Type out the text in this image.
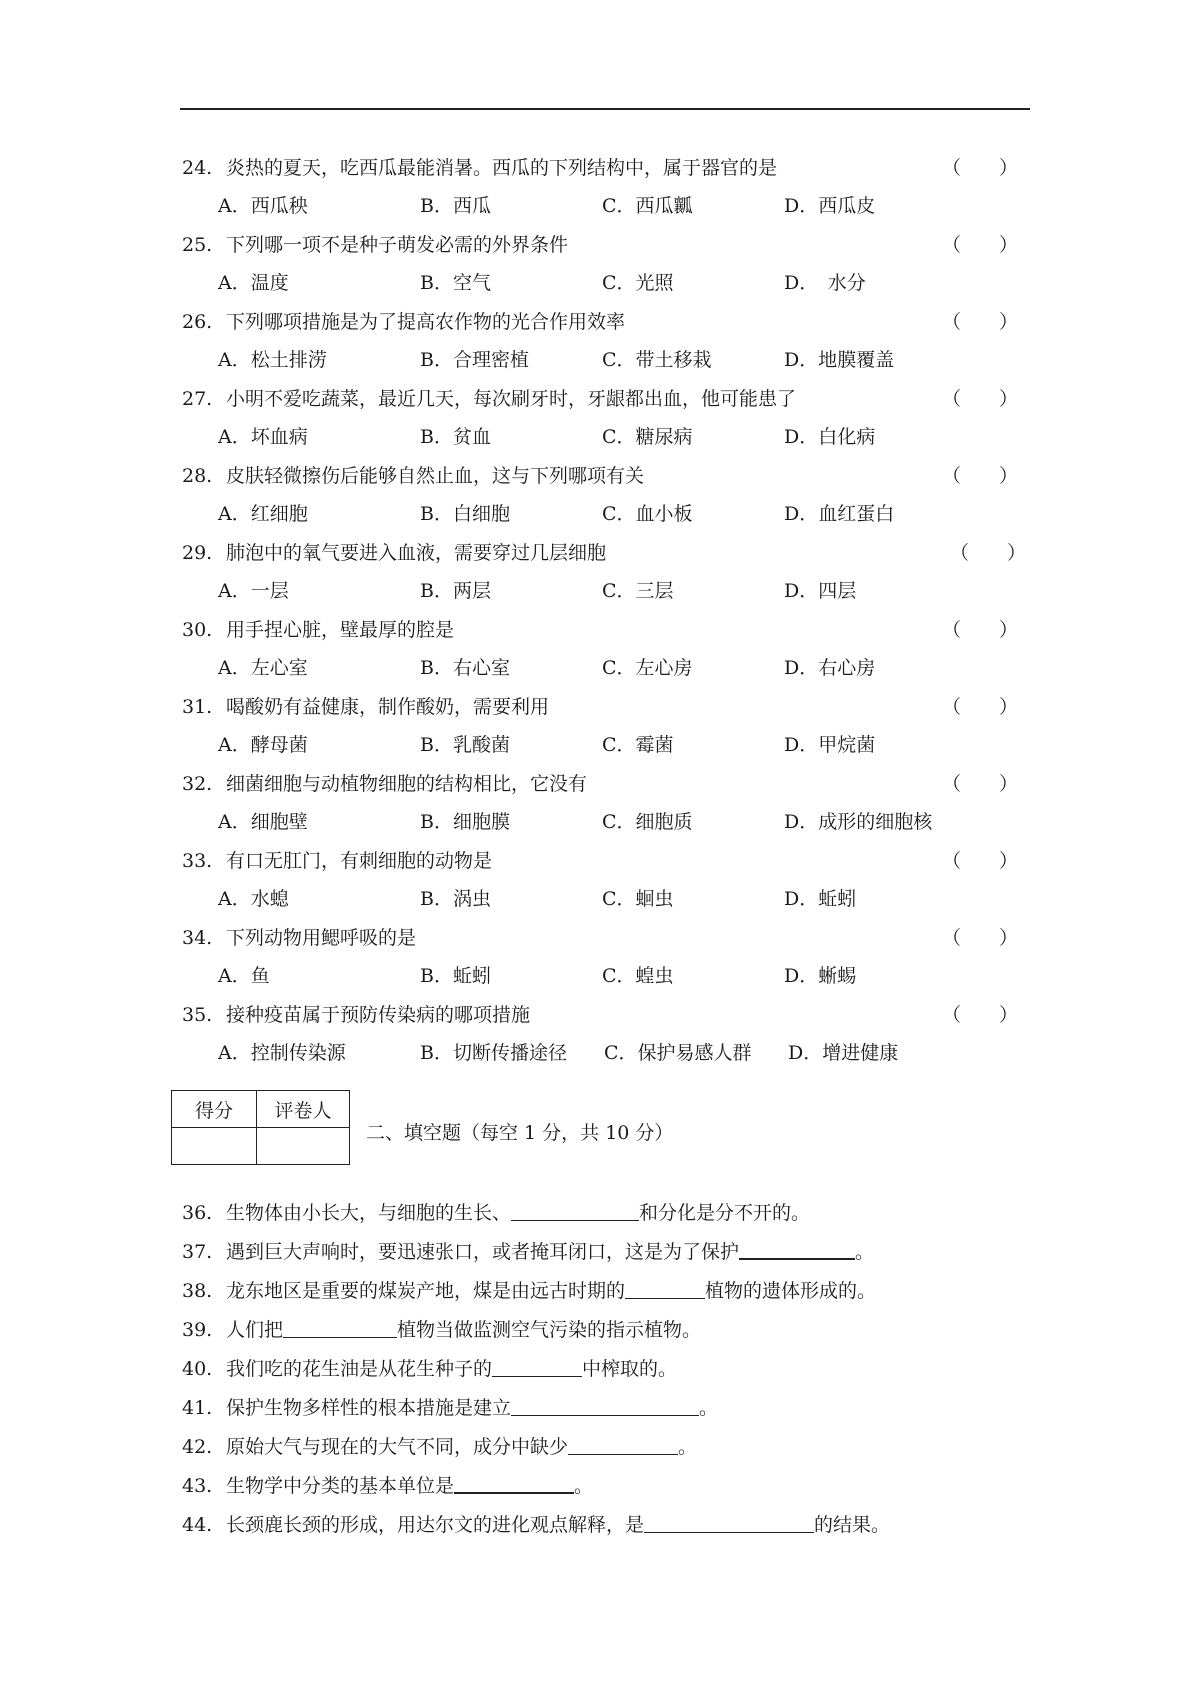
24. 炎热的夏天，吃西瓜最能消暑。西瓜的下列结构中，属于器官的是	（　　）
A．西瓜秧	B．西瓜	C．西瓜瓤	D．西瓜皮
25. 下列哪一项不是种子萌发必需的外界条件	（　　）
A．温度	B．空气	C．光照	D．　水分
26. 下列哪项措施是为了提高农作物的光合作用效率	（　　）
A．松土排涝	B．合理密植	C．带土移栽	D．地膜覆盖
27. 小明不爱吃蔬菜，最近几天，每次刷牙时，牙龈都出血，他可能患了	（　　）
A．坏血病	B．贫血	C．糖尿病	D．白化病
28. 皮肤轻微擦伤后能够自然止血，这与下列哪项有关	（　　）
A．红细胞	B．白细胞	C．血小板	D．血红蛋白
29. 肺泡中的氧气要进入血液，需要穿过几层细胞	（　　）
A．一层	B．两层	C．三层	D．四层
30. 用手捏心脏，壁最厚的腔是	（　　）
A．左心室	B．右心室	C．左心房	D．右心房
31. 喝酸奶有益健康，制作酸奶，需要利用	（　　）
A．酵母菌	B．乳酸菌	C．霉菌	D．甲烷菌
32. 细菌细胞与动植物细胞的结构相比，它没有	（　　）
A．细胞壁	B．细胞膜	C．细胞质	D．成形的细胞核
33. 有口无肛门，有刺细胞的动物是	（　　）
A．水螅	B．涡虫	C．蛔虫	D．蚯蚓
34. 下列动物用鳃呼吸的是	（　　）
A．鱼	B．蚯蚓	C．蝗虫	D．蜥蜴
35. 接种疫苗属于预防传染病的哪项措施	（　　）
A．控制传染源	B．切断传播途径 C．保护易感人群 D．增进健康
得分	评卷人

二、填空题（每空 1 分，共 10 分）
36. 生物体由小长大，与细胞的生长、	和分化是分不开的。
37. 遇到巨大声响时，要迅速张口，或者掩耳闭口，这是为了保护	。
38. 龙东地区是重要的煤炭产地，煤是由远古时期的	植物的遗体形成的。
39. 人们把	植物当做监测空气污染的指示植物。
40. 我们吃的花生油是从花生种子的	中榨取的。
41. 保护生物多样性的根本措施是建立	。
42. 原始大气与现在的大气不同，成分中缺少	。
43. 生物学中分类的基本单位是	。
44. 长颈鹿长颈的形成，用达尔文的进化观点解释，是	的结果。
